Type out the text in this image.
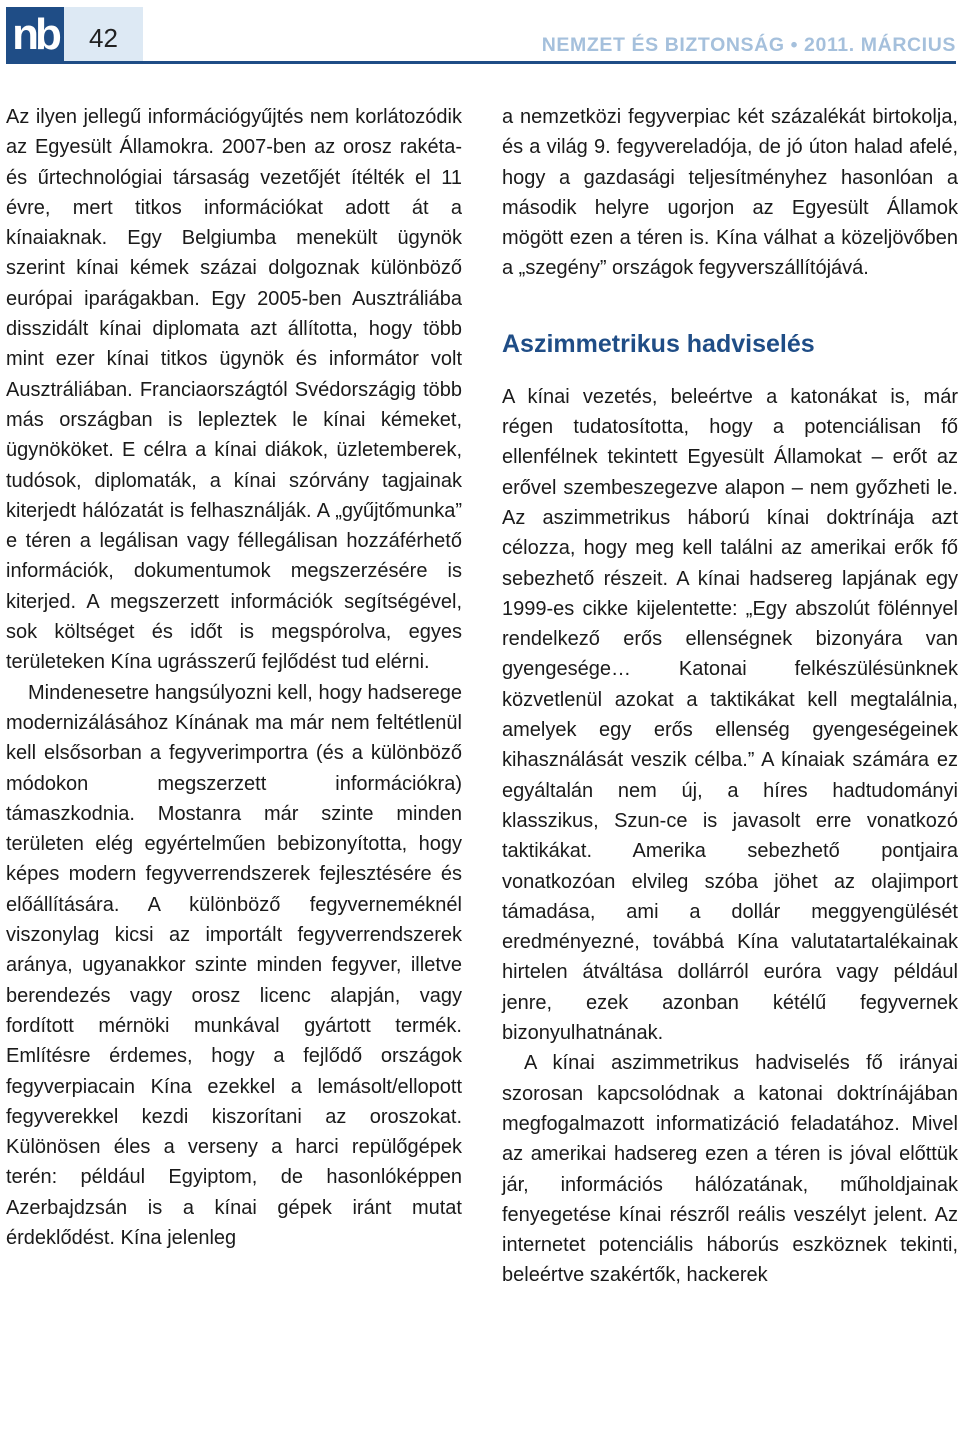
nb	42	NEMZET ÉS BIZTONSÁG • 2011. MÁRCIUS

Az ilyen jellegű információgyűjtés nem korlátozódik az Egyesült Államokra. 2007-ben az orosz rakéta- és űrtechnológiai társaság vezetőjét ítélték el 11 évre, mert titkos információkat adott át a kínaiaknak. Egy Belgiumba menekült ügynök szerint kínai kémek százai dolgoznak különböző európai iparágakban. Egy 2005-ben Ausztráliába disszidált kínai diplomata azt állította, hogy több mint ezer kínai titkos ügynök és informátor volt Ausztráliában. Franciaországtól Svédországig több más országban is lepleztek le kínai kémeket, ügynököket. E célra a kínai diákok, üzletemberek, tudósok, diplomaták, a kínai szórvány tagjainak kiterjedt hálózatát is felhasználják. A „gyűjtőmunka” e téren a legálisan vagy féllegálisan hozzáférhető információk, dokumentumok megszerzésére is kiterjed. A megszerzett információk segítségével, sok költséget és időt is megspórolva, egyes területeken Kína ugrásszerű fejlődést tud elérni.

Mindenesetre hangsúlyozni kell, hogy hadserege modernizálásához Kínának ma már nem feltétlenül kell elsősorban a fegyverimportra (és a különböző módokon megszerzett információkra) támaszkodnia. Mostanra már szinte minden területen elég egyértelműen bebizonyította, hogy képes modern fegyverrendszerek fejlesztésére és előállítására. A különböző fegyverneméknél viszonylag kicsi az importált fegyverrendszerek aránya, ugyanakkor szinte minden fegyver, illetve berendezés vagy orosz licenc alapján, vagy fordított mérnöki munkával gyártott termék. Említésre érdemes, hogy a fejlődő országok fegyverpiacain Kína ezekkel a lemásolt/ellopott fegyverekkel kezdi kiszorítani az oroszokat. Különösen éles a verseny a harci repülőgépek terén: például Egyiptom, de hasonlóképpen Azerbajdzsán is a kínai gépek iránt mutat érdeklődést. Kína jelenleg

a nemzetközi fegyverpiac két százalékát birtokolja, és a világ 9. fegyvereladója, de jó úton halad afelé, hogy a gazdasági teljesítményhez hasonlóan a második helyre ugorjon az Egyesült Államok mögött ezen a téren is. Kína válhat a közeljövőben a „szegény” országok fegyverszállítójává.

Aszimmetrikus hadviselés

A kínai vezetés, beleértve a katonákat is, már régen tudatosította, hogy a potenciálisan fő ellenfélnek tekintett Egyesült Államokat – erőt az erővel szembeszegezve alapon – nem győzheti le. Az aszimmetrikus háború kínai doktrínája azt célozza, hogy meg kell találni az amerikai erők fő sebezhető részeit. A kínai hadsereg lapjának egy 1999-es cikke kijelentette: „Egy abszolút fölénnyel rendelkező erős ellenségnek bizonyára van gyengesége… Katonai felkészülésünknek közvetlenül azokat a taktikákat kell megtalálnia, amelyek egy erős ellenség gyengeségeinek kihasználását veszik célba.” A kínaiak számára ez egyáltalán nem új, a híres hadtudományi klasszikus, Szun-ce is javasolt erre vonatkozó taktikákat. Amerika sebezhető pontjaira vonatkozóan elvileg szóba jöhet az olajimport támadása, ami a dollár meggyengülését eredményezné, továbbá Kína valutatartalékainak hirtelen átváltása dollárról euróra vagy például jenre, ezek azonban kétélű fegyvernek bizonyulhatnának.

A kínai aszimmetrikus hadviselés fő irányai szorosan kapcsolódnak a katonai doktrínájában megfogalmazott informatizáció feladatához. Mivel az amerikai hadsereg ezen a téren is jóval előttük jár, információs hálózatának, műholdjainak fenyegetése kínai részről reális veszélyt jelent. Az internetet potenciális háborús eszköznek tekinti, beleértve szakértők, hackerek
